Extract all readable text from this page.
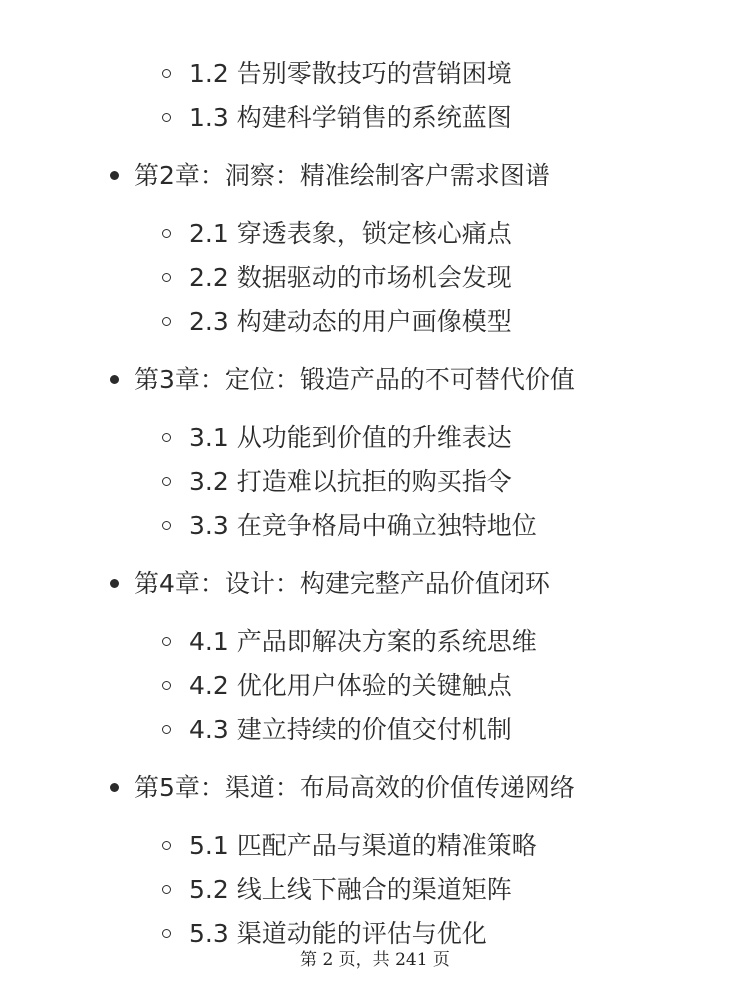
1.2 告别零散技巧的营销困境
1.3 构建科学销售的系统蓝图
第2章：洞察：精准绘制客户需求图谱
2.1 穿透表象，锁定核心痛点
2.2 数据驱动的市场机会发现
2.3 构建动态的用户画像模型
第3章：定位：锻造产品的不可替代价值
3.1 从功能到价值的升维表达
3.2 打造难以抗拒的购买指令
3.3 在竞争格局中确立独特地位
第4章：设计：构建完整产品价值闭环
4.1 产品即解决方案的系统思维
4.2 优化用户体验的关键触点
4.3 建立持续的价值交付机制
第5章：渠道：布局高效的价值传递网络
5.1 匹配产品与渠道的精准策略
5.2 线上线下融合的渠道矩阵
5.3 渠道动能的评估与优化
第 2 页，共 241 页
